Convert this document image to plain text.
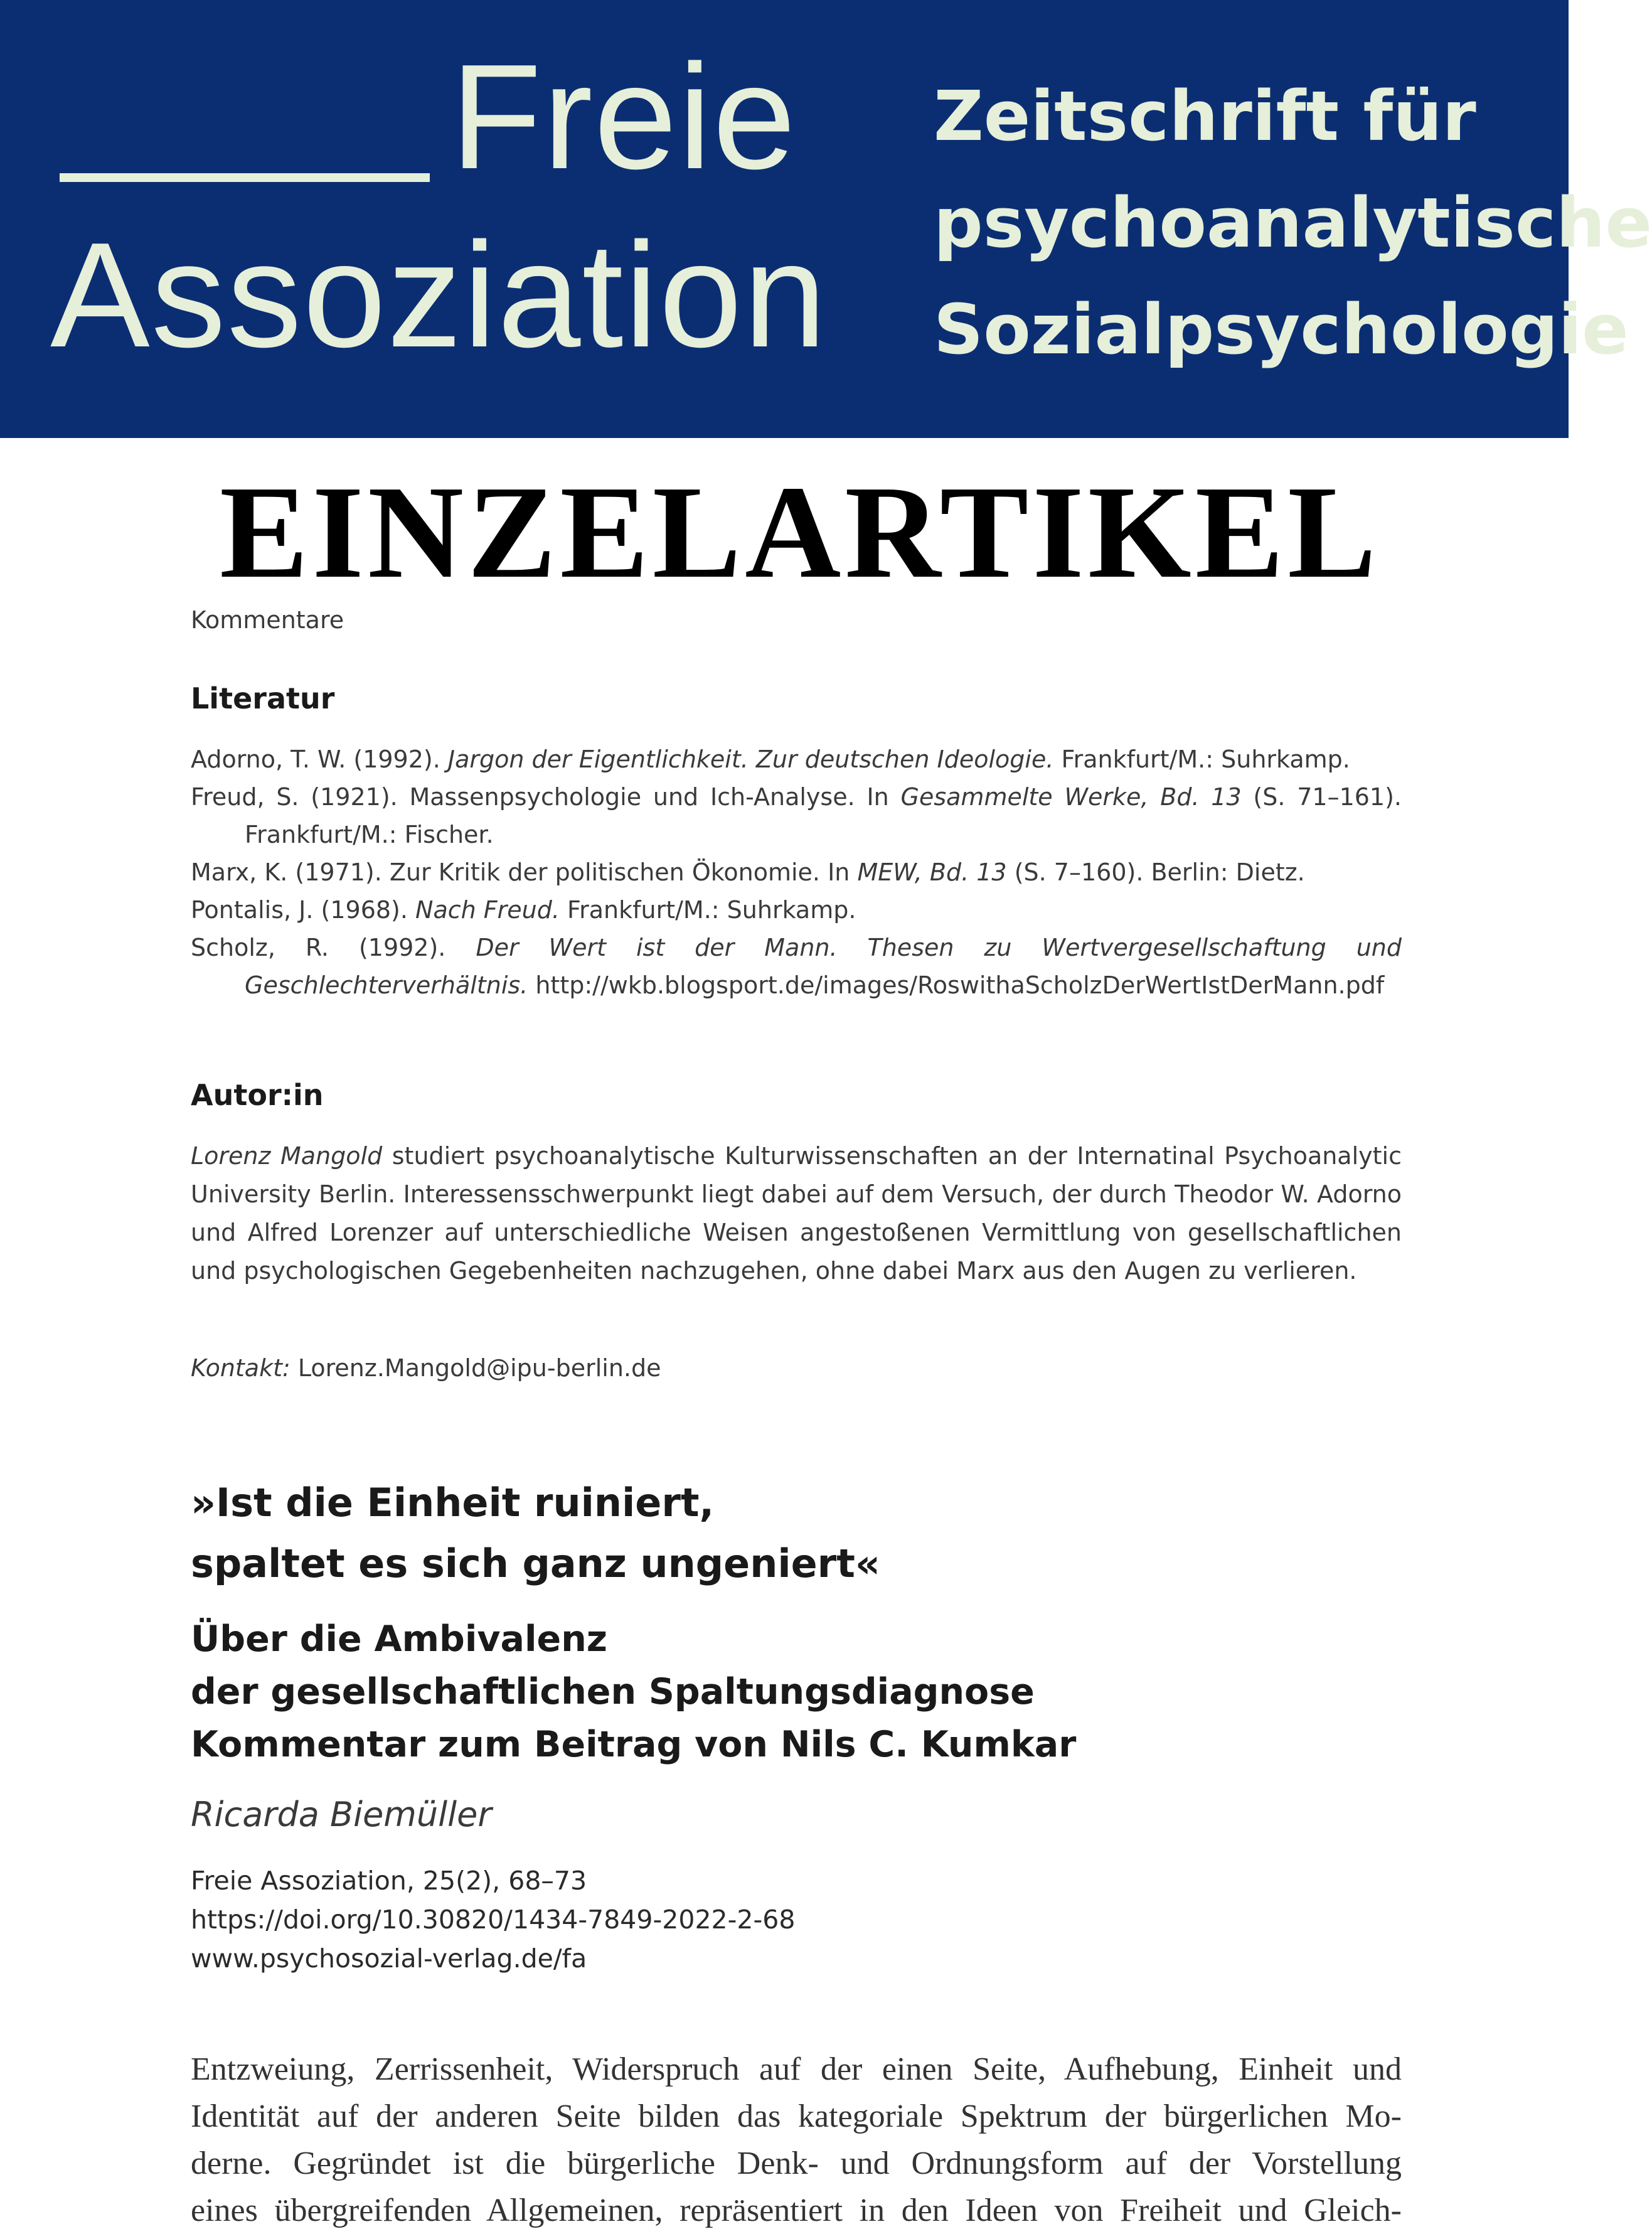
Freie
Assoziation
Zeitschrift für
psychoanalytische
Sozialpsychologie
EINZELARTIKEL
Kommentare
Literatur
Adorno, T. W. (1992). Jargon der Eigentlichkeit. Zur deutschen Ideologie. Frankfurt/M.: Suhrkamp.
Freud, S. (1921). Massenpsychologie und Ich-Analyse. In Gesammelte Werke, Bd. 13 (S. 71–161). Frankfurt/M.: Fischer.
Marx, K. (1971). Zur Kritik der politischen Ökonomie. In MEW, Bd. 13 (S. 7–160). Berlin: Dietz.
Pontalis, J. (1968). Nach Freud. Frankfurt/M.: Suhrkamp.
Scholz, R. (1992). Der Wert ist der Mann. Thesen zu Wertvergesellschaftung und Geschlechterverhältnis. http://wkb.blogsport.de/images/RoswithaScholzDerWertIstDerMann.pdf
Autor:in
Lorenz Mangold studiert psychoanalytische Kulturwissenschaften an der Internatinal Psychoanalytic University Berlin. Interessensschwerpunkt liegt dabei auf dem Versuch, der durch Theodor W. Adorno und Alfred Lorenzer auf unterschiedliche Weisen angestoßenen Vermittlung von gesellschaftlichen und psychologischen Gegebenheiten nachzugehen, ohne dabei Marx aus den Augen zu verlieren.
Kontakt: Lorenz.Mangold@ipu-berlin.de
»Ist die Einheit ruiniert,
spaltet es sich ganz ungeniert«
Über die Ambivalenz
der gesellschaftlichen Spaltungsdiagnose
Kommentar zum Beitrag von Nils C. Kumkar
Ricarda Biemüller
Freie Assoziation, 25(2), 68–73
https://doi.org/10.30820/1434-7849-2022-2-68
www.psychosozial-verlag.de/fa
Entzweiung, Zerrissenheit, Widerspruch auf der einen Seite, Aufhebung, Einheit und
Identität auf der anderen Seite bilden das kategoriale Spektrum der bürgerlichen Mo-
derne. Gegründet ist die bürgerliche Denk- und Ordnungsform auf der Vorstellung
eines übergreifenden Allgemeinen, repräsentiert in den Ideen von Freiheit und Gleich-
